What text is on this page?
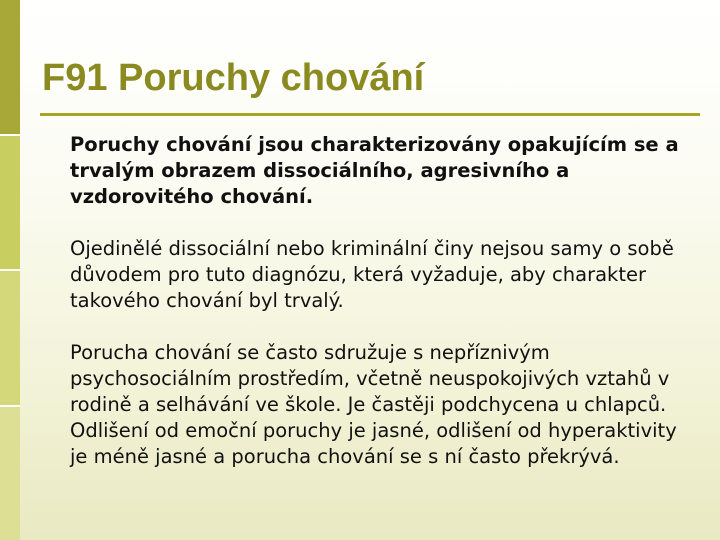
F91 Poruchy chování

Poruchy chování jsou charakterizovány opakujícím se a trvalým obrazem dissociálního, agresivního a vzdorovitého chování.

Ojedinělé dissociální nebo kriminální činy nejsou samy o sobě důvodem pro tuto diagnózu, která vyžaduje, aby charakter takového chování byl trvalý.

Porucha chování se často sdružuje s nepříznivým psychosociálním prostředím, včetně neuspokojivých vztahů v rodině a selhávání ve škole. Je častěji podchycena u chlapců. Odlišení od emoční poruchy je jasné, odlišení od hyperaktivity je méně jasné a porucha chování se s ní často překrývá.
